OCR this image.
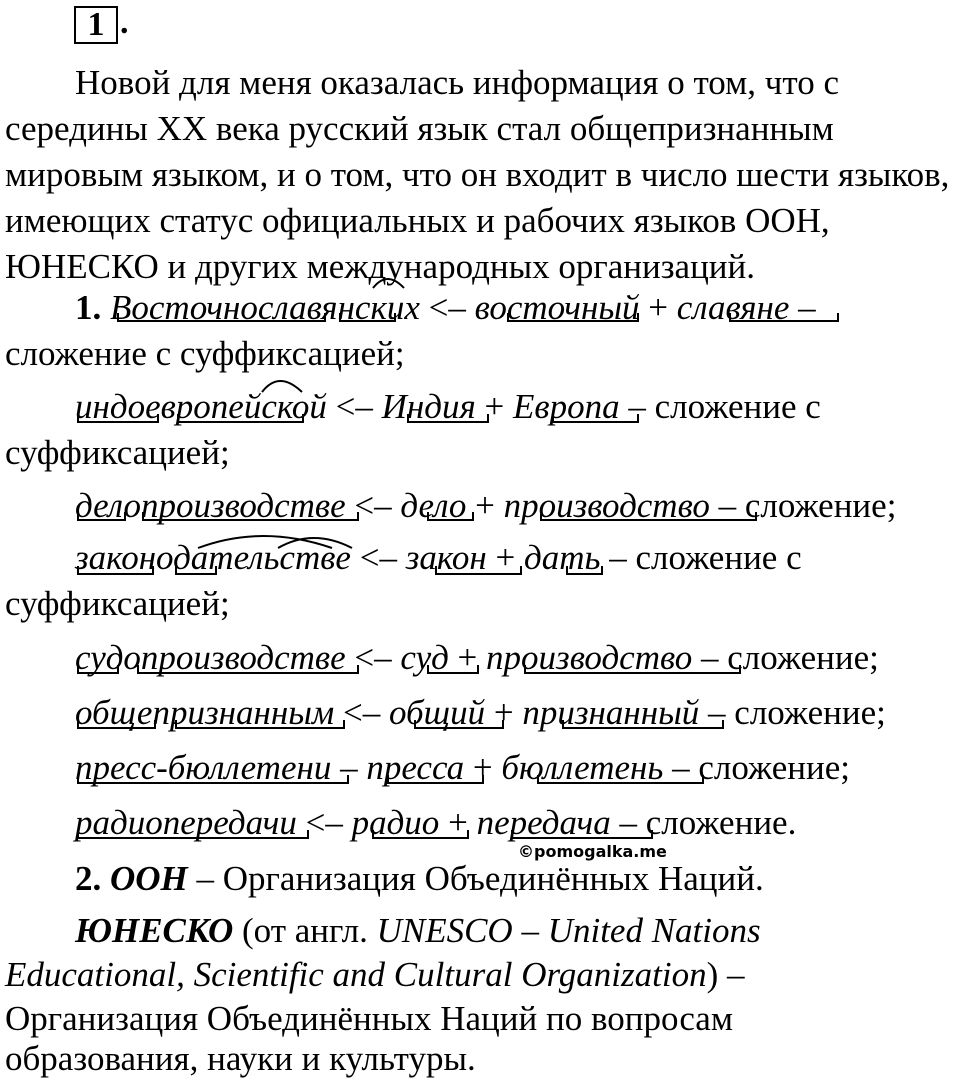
1 .

Новой для меня оказалась информация о том, что с середины XX века русский язык стал общепризнанным мировым языком, и о том, что он входит в число шести языков, имеющих статус официальных и рабочих языков ООН, ЮНЕСКО и других международных организаций.

1. Восточнославянских <– восточный + славяне –
сложение с суффиксацией;
индоевропейской <– Индия + Европа – сложение с
суффиксацией;
делопроизводстве <– дело + производство – сложение;
законодательстве <– закон + дать – сложение с
суффиксацией;
судопроизводстве <– суд + производство – сложение;
общепризнанным <– общий + признанный – сложение;
пресс-бюллетени – пресса + бюллетень – сложение;
радиопередачи <– радио + передача – сложение.
©pomogalka.me
2. ООН – Организация Объединённых Наций.
ЮНЕСКО (от англ. UNESCO – United Nations
Educational, Scientific and Cultural Organization) –
Организация Объединённых Наций по вопросам
образования, науки и культуры.
